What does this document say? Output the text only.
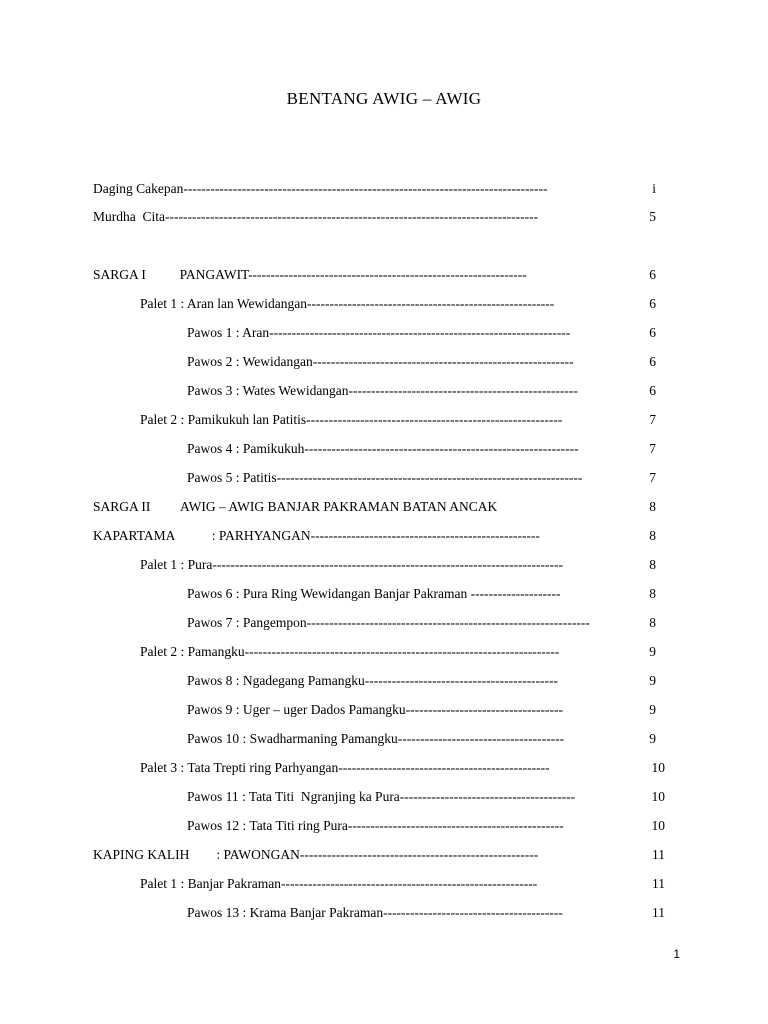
BENTANG AWIG – AWIG
Daging Cakepan---------------------------------------------------------------------------------	i
Murdha  Cita-----------------------------------------------------------------------------------	5
SARGA I          PANGAWIT--------------------------------------------------------------	6
Palet 1 : Aran lan Wewidangan-------------------------------------------------------	6
Pawos 1 : Aran-------------------------------------------------------------------	6
Pawos 2 : Wewidangan----------------------------------------------------------	6
Pawos 3 : Wates Wewidangan---------------------------------------------------	6
Palet 2 : Pamikukuh lan Patitis---------------------------------------------------------	7
Pawos 4 : Pamikukuh-------------------------------------------------------------	7
Pawos 5 : Patitis--------------------------------------------------------------------	7
SARGA II         AWIG – AWIG BANJAR PAKRAMAN BATAN ANCAK	8
KAPARTAMA           : PARHYANGAN---------------------------------------------------	8
Palet 1 : Pura------------------------------------------------------------------------------	8
Pawos 6 : Pura Ring Wewidangan Banjar Pakraman --------------------	8
Pawos 7 : Pangempon---------------------------------------------------------------	8
Palet 2 : Pamangku----------------------------------------------------------------------	9
Pawos 8 : Ngadegang Pamangku-------------------------------------------	9
Pawos 9 : Uger – uger Dados Pamangku-----------------------------------	9
Pawos 10 : Swadharmaning Pamangku-------------------------------------	9
Palet 3 : Tata Trepti ring Parhyangan-----------------------------------------------	10
Pawos 11 : Tata Titi  Ngranjing ka Pura---------------------------------------	10
Pawos 12 : Tata Titi ring Pura------------------------------------------------	10
KAPING KALIH        : PAWONGAN-----------------------------------------------------	11
Palet 1 : Banjar Pakraman---------------------------------------------------------	11
Pawos 13 : Krama Banjar Pakraman----------------------------------------	11
1
